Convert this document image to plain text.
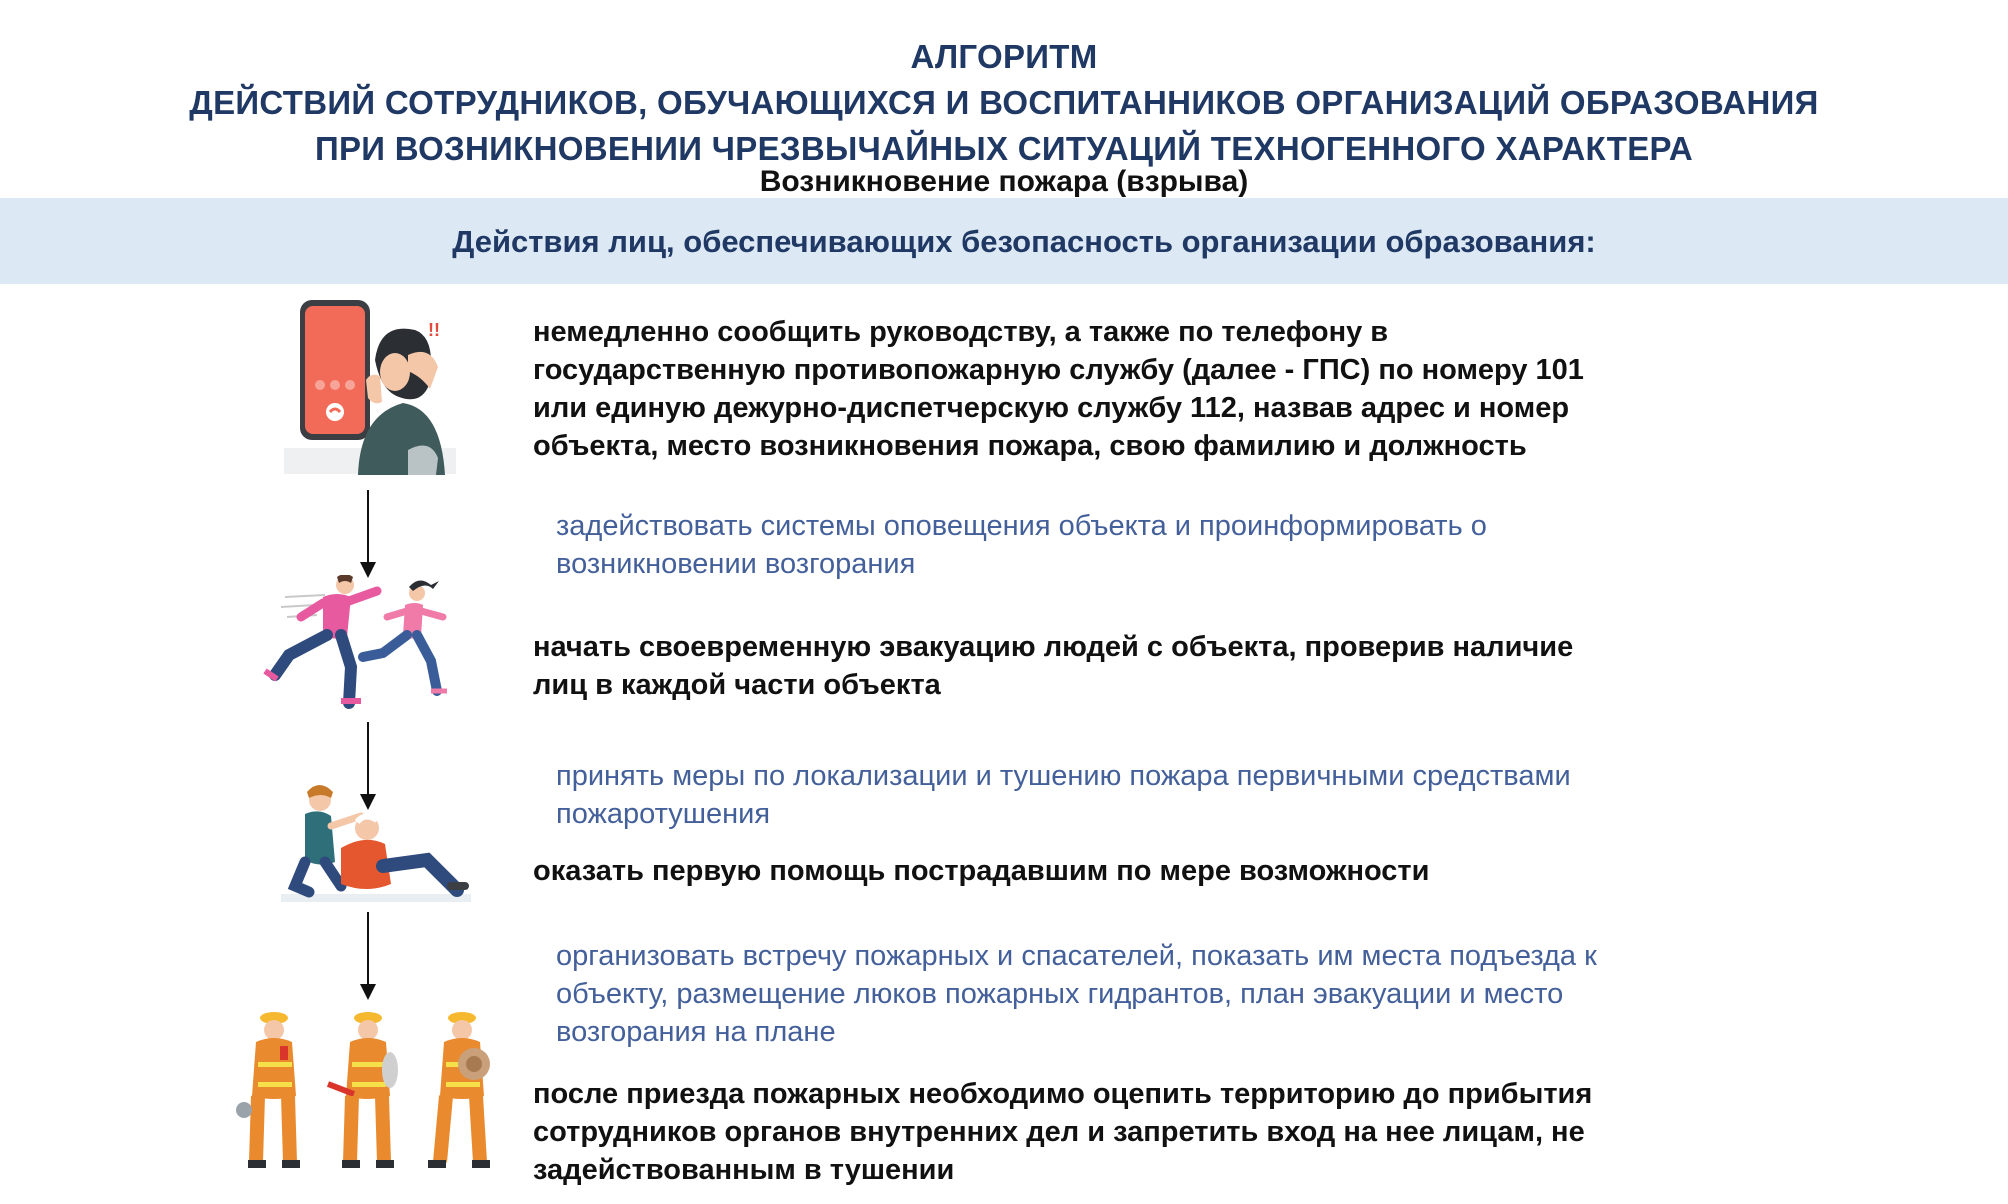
АЛГОРИТМ
ДЕЙСТВИЙ СОТРУДНИКОВ, ОБУЧАЮЩИХСЯ И ВОСПИТАННИКОВ ОРГАНИЗАЦИЙ ОБРАЗОВАНИЯ
ПРИ ВОЗНИКНОВЕНИИ ЧРЕЗВЫЧАЙНЫХ СИТУАЦИЙ ТЕХНОГЕННОГО ХАРАКТЕРА
Возникновение пожара (взрыва)
Действия лиц, обеспечивающих безопасность организации образования:
немедленно сообщить руководству, а также по телефону в
государственную противопожарную службу (далее - ГПС) по номеру 101
или единую дежурно-диспетчерскую службу 112, назвав адрес и номер
объекта, место возникновения пожара, свою фамилию и должность
задействовать системы оповещения объекта и проинформировать о
возникновении возгорания
начать своевременную эвакуацию людей с объекта, проверив наличие
лиц в каждой части объекта
принять меры по локализации и тушению пожара первичными средствами
пожаротушения
оказать первую помощь пострадавшим по мере возможности
организовать встречу пожарных и спасателей, показать им места подъезда к
объекту, размещение люков пожарных гидрантов, план эвакуации и место
возгорания на плане
после приезда пожарных необходимо оцепить территорию до прибытия
сотрудников органов внутренних дел и запретить вход на нее лицам, не
задействованным в тушении
!!
